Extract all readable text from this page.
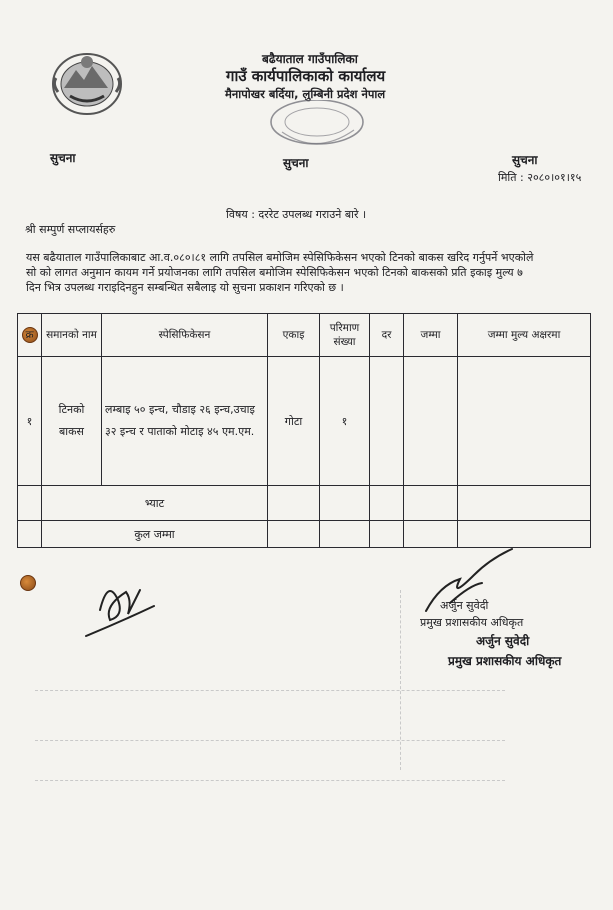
बढैयाताल गाउँपालिका
गाउँ कार्यपालिकाको कार्यालय
मैनापोखर बर्दिया, लुम्बिनी प्रदेश नेपाल
सुचना	सुचना	सुचना
मिति : २०८०।०१।१५
विषय : दररेट उपलब्ध गराउने बारे ।
श्री सम्पुर्ण सप्लायर्सहरु
यस बढैयाताल गाउँपालिकाबाट आ.व.०८०।८१ लागि तपसिल बमोजिम स्पेसिफिकेसन भएको टिनको बाकस खरिद गर्नुपर्ने भएकोले
सो को लागत अनुमान कायम गर्ने प्रयोजनका लागि तपसिल बमोजिम स्पेसिफिकेसन भएको टिनको बाकसको प्रति इकाइ मुल्य ७
दिन भित्र उपलब्ध गराइदिनहुन सम्बन्धित सबैलाइ यो सुचना प्रकाशन गरिएको छ ।
क्र	समानको नाम	स्पेसिफिकेसन	एकाइ	परिमाण संख्या	दर	जम्मा	जम्मा मुल्य अक्षरमा
१	टिनको बाकस	लम्बाइ ५० इन्च, चौडाइ २६ इन्च,उचाइ ३२ इन्च र पाताको मोटाइ ४५ एम.एम.	गोटा	१			
	भ्याट						
	कुल जम्मा						
अर्जुन सुवेदी
प्रमुख प्रशासकीय अधिकृत
अर्जुन सुवेदी
प्रमुख प्रशासकीय अधिकृत
